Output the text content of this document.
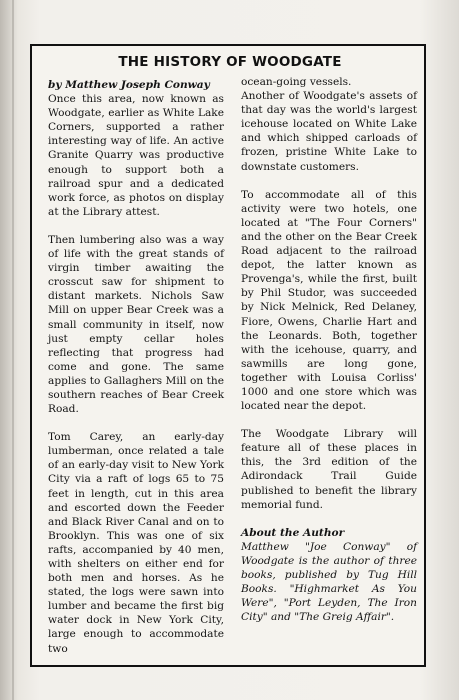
THE HISTORY OF WOODGATE
by Matthew Joseph Conway

Once this area, now known as Woodgate, earlier as White Lake Corners, supported a rather interesting way of life. An active Granite Quarry was productive enough to support both a railroad spur and a dedicated work force, as photos on display at the Library attest.

Then lumbering also was a way of life with the great stands of virgin timber awaiting the crosscut saw for shipment to distant markets. Nichols Saw Mill on upper Bear Creek was a small community in itself, now just empty cellar holes reflecting that progress had come and gone. The same applies to Gallaghers Mill on the southern reaches of Bear Creek Road.

Tom Carey, an early-day lumberman, once related a tale of an early-day visit to New York City via a raft of logs 65 to 75 feet in length, cut in this area and escorted down the Feeder and Black River Canal and on to Brooklyn. This was one of six rafts, accompanied by 40 men, with shelters on either end for both men and horses. As he stated, the logs were sawn into lumber and became the first big water dock in New York City, large enough to accommodate two

ocean-going vessels.

Another of Woodgate's assets of that day was the world's largest icehouse located on White Lake and which shipped carloads of frozen, pristine White Lake to downstate customers.

To accommodate all of this activity were two hotels, one located at "The Four Corners" and the other on the Bear Creek Road adjacent to the railroad depot, the latter known as Provenga's, while the first, built by Phil Studor, was succeeded by Nick Melnick, Red Delaney, Fiore, Owens, Charlie Hart and the Leonards. Both, together with the icehouse, quarry, and sawmills are long gone, together with Louisa Corliss' 1000 and one store which was located near the depot.

The Woodgate Library will feature all of these places in this, the 3rd edition of the Adirondack Trail Guide published to benefit the library memorial fund.

About the Author
Matthew "Joe Conway" of Woodgate is the author of three books, published by Tug Hill Books. "Highmarket As You Were", "Port Leyden, The Iron City" and "The Greig Affair".
